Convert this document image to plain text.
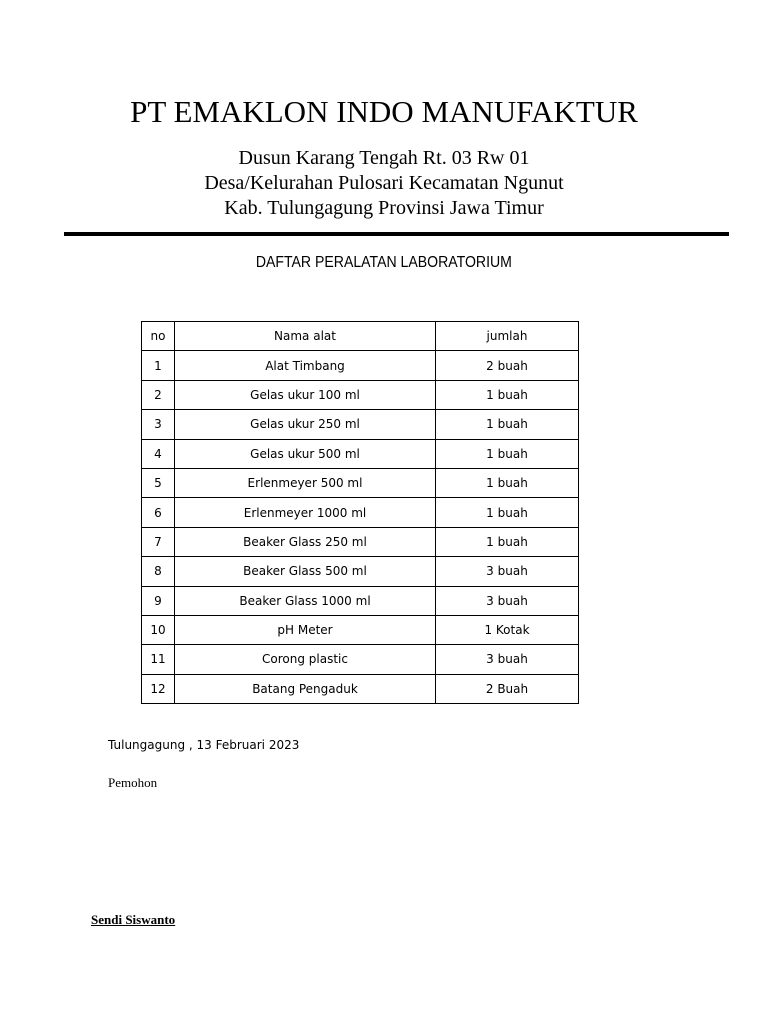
PT EMAKLON INDO MANUFAKTUR
Dusun Karang Tengah Rt. 03 Rw 01
Desa/Kelurahan Pulosari Kecamatan Ngunut
Kab. Tulungagung Provinsi Jawa Timur
DAFTAR PERALATAN LABORATORIUM
no	Nama alat	jumlah
1	Alat Timbang	2 buah
2	Gelas ukur 100 ml	1 buah
3	Gelas ukur 250 ml	1 buah
4	Gelas ukur 500 ml	1 buah
5	Erlenmeyer 500 ml	1 buah
6	Erlenmeyer 1000 ml	1 buah
7	Beaker Glass 250 ml	1 buah
8	Beaker Glass 500 ml	3 buah
9	Beaker Glass 1000 ml	3 buah
10	pH Meter	1 Kotak
11	Corong plastic	3 buah
12	Batang Pengaduk	2 Buah
Tulungagung , 13 Februari 2023
Pemohon
Sendi Siswanto
